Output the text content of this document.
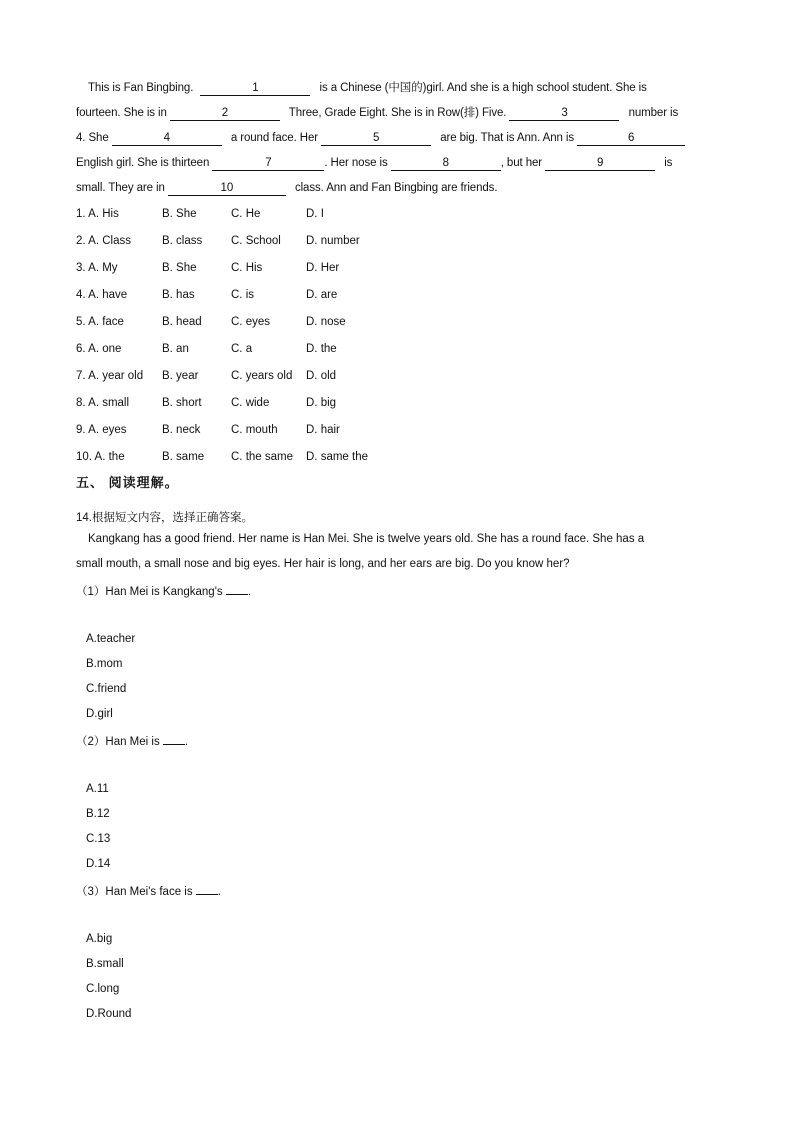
This is Fan Bingbing.	1	is a Chinese (中国的)girl. And she is a high school student. She is

fourteen. She is in	2	Three, Grade Eight. She is in Row(排) Five.	3	number is

4. She	4	a round face. Her	5	are big. That is Ann. Ann is	6

English girl. She is thirteen	7	. Her nose is	8	, but her	9	is

small. They are in	10	class. Ann and Fan Bingbing are friends.

1. A. His	B. She	C. He	D. I
2. A. Class	B. class C. School D. number
3. A. My	B. She	C. His	D. Her
4. A. have	B. has	C. is	D. are
5. A. face	B. head	C. eyes	D. nose
6. A. one	B. an	C. a	D. the
7. A. year old B. year	C. years old D. old
8. A. small	B. short	C. wide	D. big
9. A. eyes	B. neck	C. mouth D. hair
10. A. the	B. same C. the same D. same the
五、 阅读理解。
14.根据短文内容，选择正确答案。
Kangkang has a good friend. Her name is Han Mei. She is twelve years old. She has a round face. She has a
small mouth, a small nose and big eyes. Her hair is long, and her ears are big. Do you know her?
（1）Han Mei is Kangkang's .
A.teacher
B.mom
C.friend
D.girl
（2）Han Mei is .
A.11
B.12
C.13
D.14
（3）Han Mei's face is .
A.big
B.small
C.long
D.Round
